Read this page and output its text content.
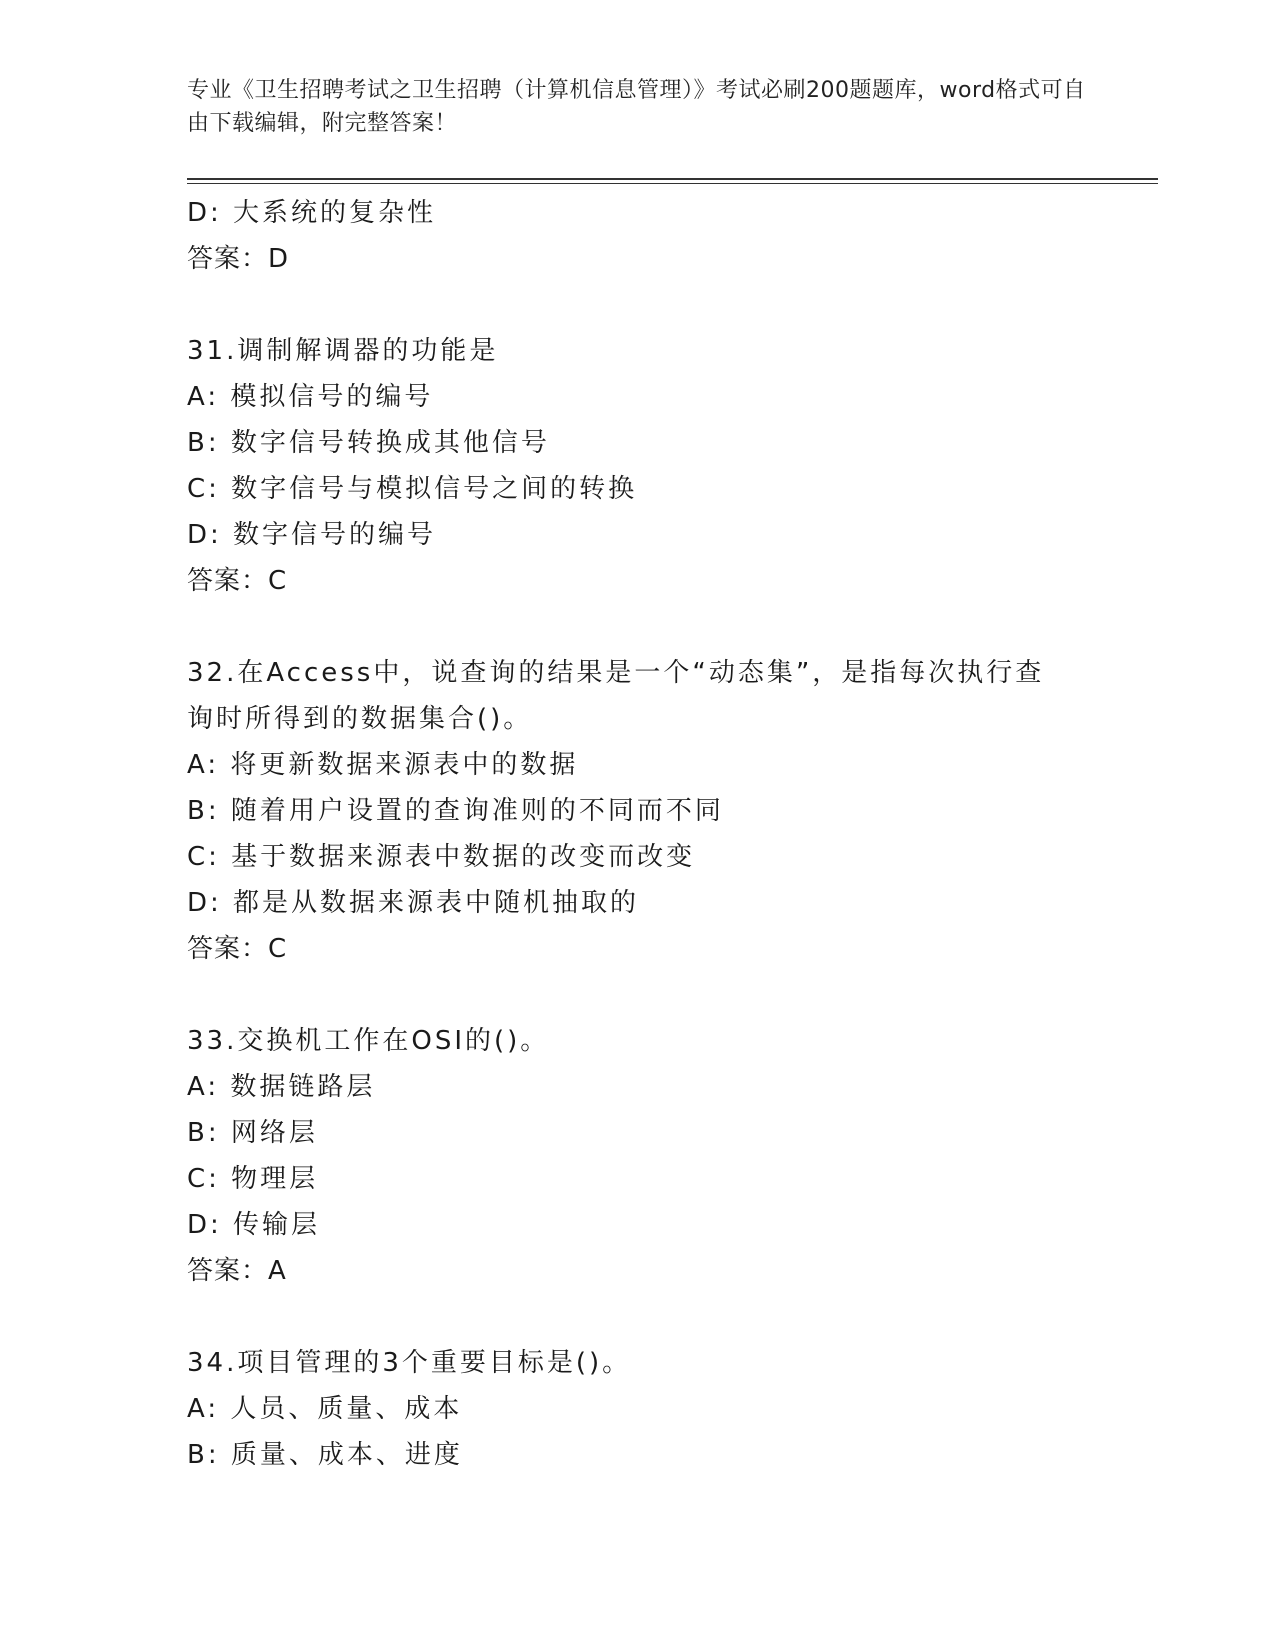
专业《卫生招聘考试之卫生招聘（计算机信息管理）》考试必刷200题题库，word格式可自由下载编辑，附完整答案！
D: 大系统的复杂性
答案：D
31.调制解调器的功能是
A: 模拟信号的编号
B: 数字信号转换成其他信号
C: 数字信号与模拟信号之间的转换
D: 数字信号的编号
答案：C
32.在Access中，说查询的结果是一个“动态集”，是指每次执行查询时所得到的数据集合()。
A: 将更新数据来源表中的数据
B: 随着用户设置的查询准则的不同而不同
C: 基于数据来源表中数据的改变而改变
D: 都是从数据来源表中随机抽取的
答案：C
33.交换机工作在OSI的()。
A: 数据链路层
B: 网络层
C: 物理层
D: 传输层
答案：A
34.项目管理的3个重要目标是()。
A: 人员、质量、成本
B: 质量、成本、进度
